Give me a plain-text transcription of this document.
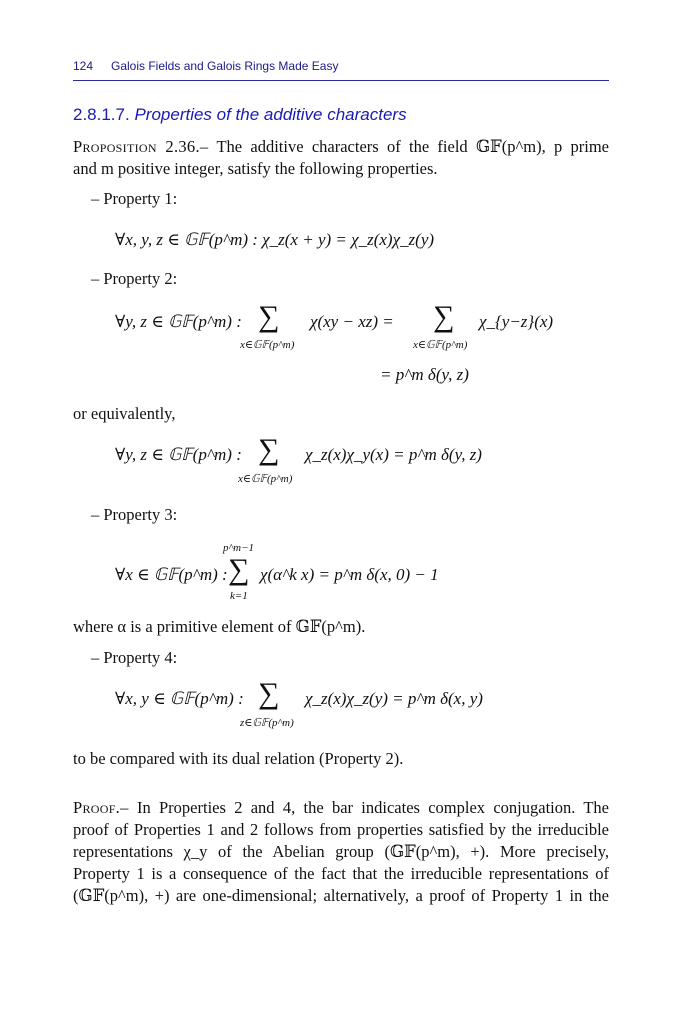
124 Galois Fields and Galois Rings Made Easy
2.8.1.7. Properties of the additive characters
Proposition 2.36.– The additive characters of the field 𝔾𝔽(p^m), p prime
and m positive integer, satisfy the following properties.
– Property 1:
∀x, y, z ∈ 𝔾𝔽(p^m) : χ_z(x + y) = χ_z(x)χ_z(y)
– Property 2:
∀y, z ∈ 𝔾𝔽(p^m) : ∑
x∈𝔾𝔽(p^m)
χ(xy − xz) = ∑
x∈𝔾𝔽(p^m)
χ_{y−z}(x)
= p^m δ(y, z)
or equivalently,
∀y, z ∈ 𝔾𝔽(p^m) : ∑
x∈𝔾𝔽(p^m)
χ_z(x)χ_y(x) = p^m δ(y, z)
– Property 3:
p^m−1
∀x ∈ 𝔾𝔽(p^m) : ∑
k=1
χ(α^k x) = p^m δ(x, 0) − 1
where α is a primitive element of 𝔾𝔽(p^m).
– Property 4:
∀x, y ∈ 𝔾𝔽(p^m) : ∑
z∈𝔾𝔽(p^m)
χ_z(x)χ_z(y) = p^m δ(x, y)
to be compared with its dual relation (Property 2).
Proof.– In Properties 2 and 4, the bar indicates complex conjugation. The
proof of Properties 1 and 2 follows from properties satisfied by the irreducible
representations χ_y of the Abelian group (𝔾𝔽(p^m), +). More precisely,
Property 1 is a consequence of the fact that the irreducible representations of
(𝔾𝔽(p^m), +) are one-dimensional; alternatively, a proof of Property 1 in the
